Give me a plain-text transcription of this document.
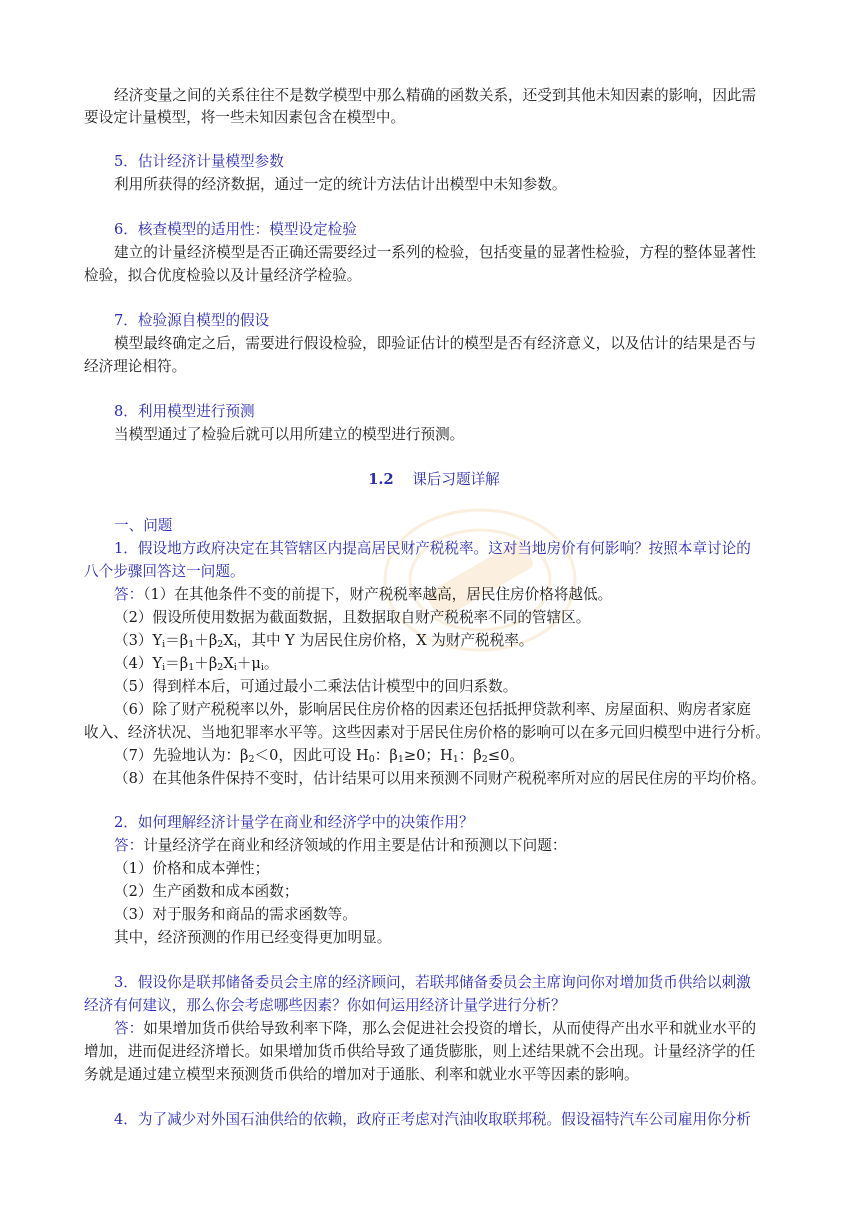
经济变量之间的关系往往不是数学模型中那么精确的函数关系，还受到其他未知因素的影响，因此需
要设定计量模型，将一些未知因素包含在模型中。
5．估计经济计量模型参数
利用所获得的经济数据，通过一定的统计方法估计出模型中未知参数。
6．核查模型的适用性：模型设定检验
建立的计量经济模型是否正确还需要经过一系列的检验，包括变量的显著性检验，方程的整体显著性
检验，拟合优度检验以及计量经济学检验。
7．检验源自模型的假设
模型最终确定之后，需要进行假设检验，即验证估计的模型是否有经济意义，以及估计的结果是否与
经济理论相符。
8．利用模型进行预测
当模型通过了检验后就可以用所建立的模型进行预测。
1.2 课后习题详解
一、问题
1．假设地方政府决定在其管辖区内提高居民财产税税率。这对当地房价有何影响？按照本章讨论的
八个步骤回答这一问题。
答：（1）在其他条件不变的前提下，财产税税率越高，居民住房价格将越低。
（2）假设所使用数据为截面数据，且数据取自财产税税率不同的管辖区。
$(3)Y_i=\beta_1+\beta_2X_i$，其中 Y 为居民住房价格，X 为财产税税率。
$(4)Y_i=\beta_1+\beta_2X_i+\mu_i$。
（5）得到样本后，可通过最小二乘法估计模型中的回归系数。
（6）除了财产税税率以外，影响居民住房价格的因素还包括抵押贷款利率、房屋面积、购房者家庭
收入、经济状况、当地犯罪率水平等。这些因素对于居民住房价格的影响可以在多元回归模型中进行分析。
（7）先验地认为：$\beta_2<0$，因此可设 $H_0$：$\beta_1\ge 0$；$H_1$：$\beta_2\le 0$。
（8）在其他条件保持不变时，估计结果可以用来预测不同财产税税率所对应的居民住房的平均价格。
2．如何理解经济计量学在商业和经济学中的决策作用？
答：计量经济学在商业和经济领域的作用主要是估计和预测以下问题：
（1）价格和成本弹性；
（2）生产函数和成本函数；
（3）对于服务和商品的需求函数等。
其中，经济预测的作用已经变得更加明显。
3．假设你是联邦储备委员会主席的经济顾问，若联邦储备委员会主席询问你对增加货币供给以刺激
经济有何建议，那么你会考虑哪些因素？你如何运用经济计量学进行分析？
答：如果增加货币供给导致利率下降，那么会促进社会投资的增长，从而使得产出水平和就业水平的
增加，进而促进经济增长。如果增加货币供给导致了通货膨胀，则上述结果就不会出现。计量经济学的任
务就是通过建立模型来预测货币供给的增加对于通胀、利率和就业水平等因素的影响。
4．为了减少对外国石油供给的依赖，政府正考虑对汽油收取联邦税。假设福特汽车公司雇用你分析
